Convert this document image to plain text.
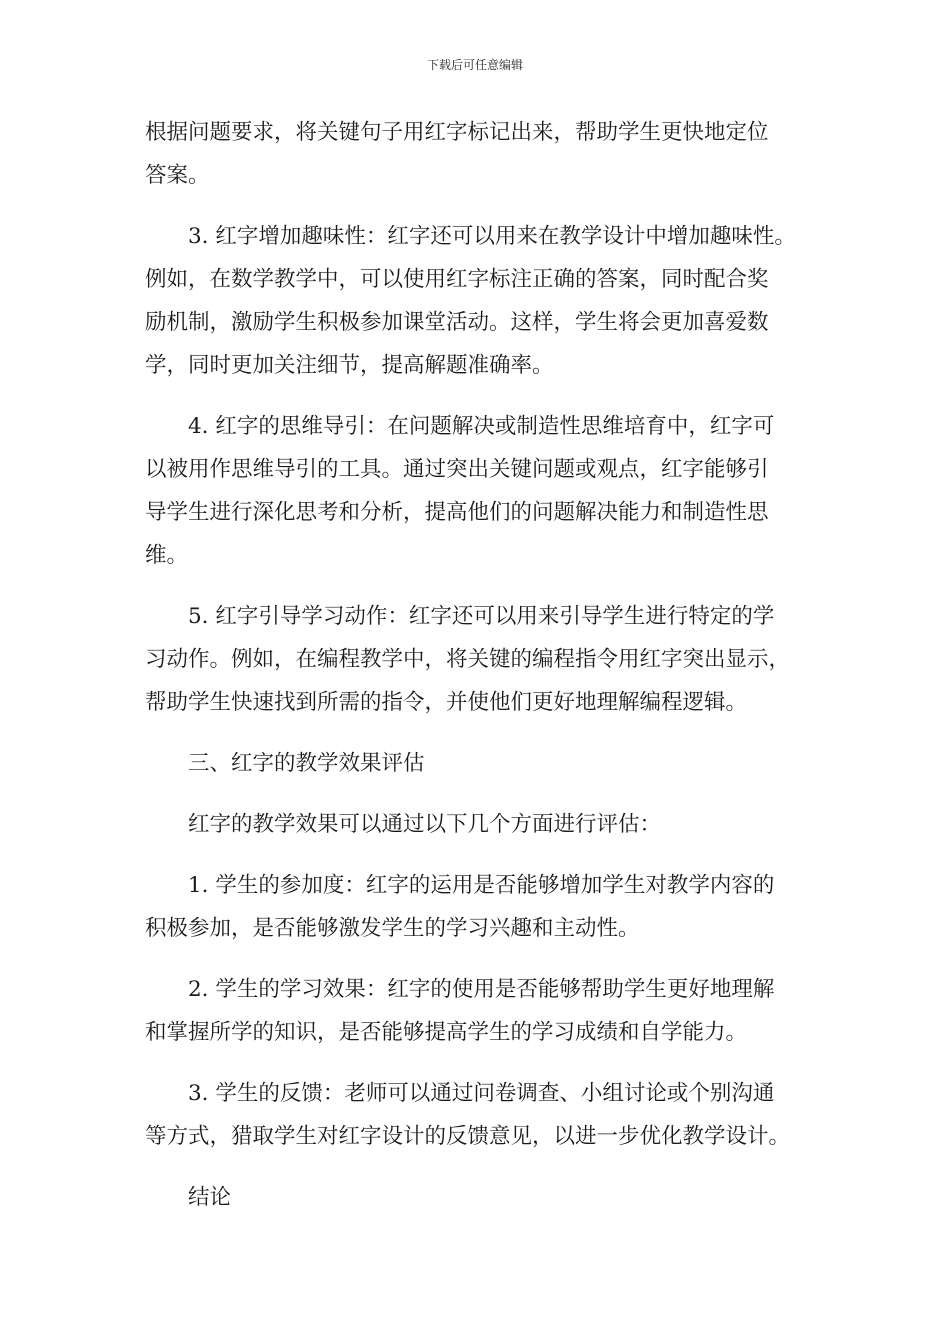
下载后可任意编辑

根据问题要求，将关键句子用红字标记出来，帮助学生更快地定位
答案。

3. 红字增加趣味性：红字还可以用来在教学设计中增加趣味性。
例如，在数学教学中，可以使用红字标注正确的答案，同时配合奖
励机制，激励学生积极参加课堂活动。这样，学生将会更加喜爱数
学，同时更加关注细节，提高解题准确率。

4. 红字的思维导引：在问题解决或制造性思维培育中，红字可
以被用作思维导引的工具。通过突出关键问题或观点，红字能够引
导学生进行深化思考和分析，提高他们的问题解决能力和制造性思
维。

5. 红字引导学习动作：红字还可以用来引导学生进行特定的学
习动作。例如，在编程教学中，将关键的编程指令用红字突出显示，
帮助学生快速找到所需的指令，并使他们更好地理解编程逻辑。

三、红字的教学效果评估

红字的教学效果可以通过以下几个方面进行评估：

1. 学生的参加度：红字的运用是否能够增加学生对教学内容的
积极参加，是否能够激发学生的学习兴趣和主动性。

2. 学生的学习效果：红字的使用是否能够帮助学生更好地理解
和掌握所学的知识，是否能够提高学生的学习成绩和自学能力。

3. 学生的反馈：老师可以通过问卷调查、小组讨论或个别沟通
等方式，猎取学生对红字设计的反馈意见，以进一步优化教学设计。

结论
